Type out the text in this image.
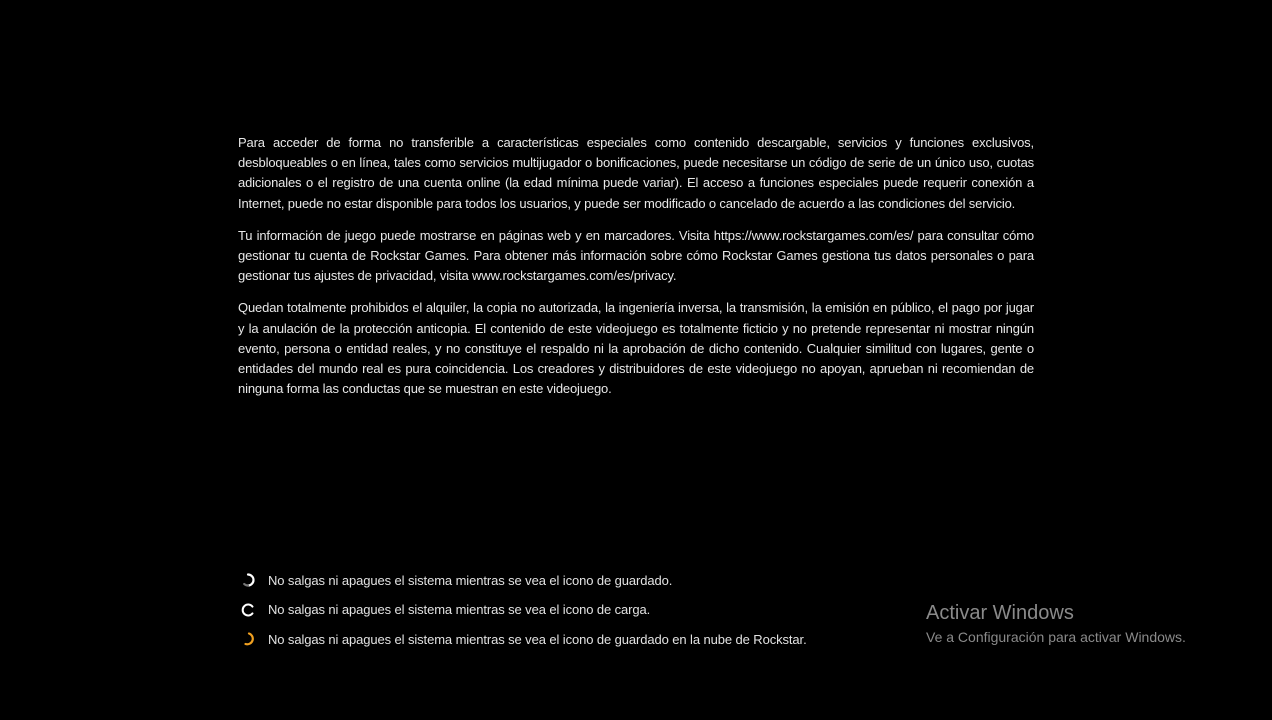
Para acceder de forma no transferible a características especiales como contenido descargable, servicios y funciones exclusivos, desbloqueables o en línea, tales como servicios multijugador o bonificaciones, puede necesitarse un código de serie de un único uso, cuotas adicionales o el registro de una cuenta online (la edad mínima puede variar). El acceso a funciones especiales puede requerir conexión a Internet, puede no estar disponible para todos los usuarios, y puede ser modificado o cancelado de acuerdo a las condiciones del servicio.

Tu información de juego puede mostrarse en páginas web y en marcadores. Visita https://www.rockstargames.com/es/ para consultar cómo gestionar tu cuenta de Rockstar Games. Para obtener más información sobre cómo Rockstar Games gestiona tus datos personales o para gestionar tus ajustes de privacidad, visita www.rockstargames.com/es/privacy.

Quedan totalmente prohibidos el alquiler, la copia no autorizada, la ingeniería inversa, la transmisión, la emisión en público, el pago por jugar y la anulación de la protección anticopia. El contenido de este videojuego es totalmente ficticio y no pretende representar ni mostrar ningún evento, persona o entidad reales, y no constituye el respaldo ni la aprobación de dicho contenido. Cualquier similitud con lugares, gente o entidades del mundo real es pura coincidencia. Los creadores y distribuidores de este videojuego no apoyan, aprueban ni recomiendan de ninguna forma las conductas que se muestran en este videojuego.

No salgas ni apagues el sistema mientras se vea el icono de guardado.
No salgas ni apagues el sistema mientras se vea el icono de carga.
No salgas ni apagues el sistema mientras se vea el icono de guardado en la nube de Rockstar.
Activar Windows
Ve a Configuración para activar Windows.
